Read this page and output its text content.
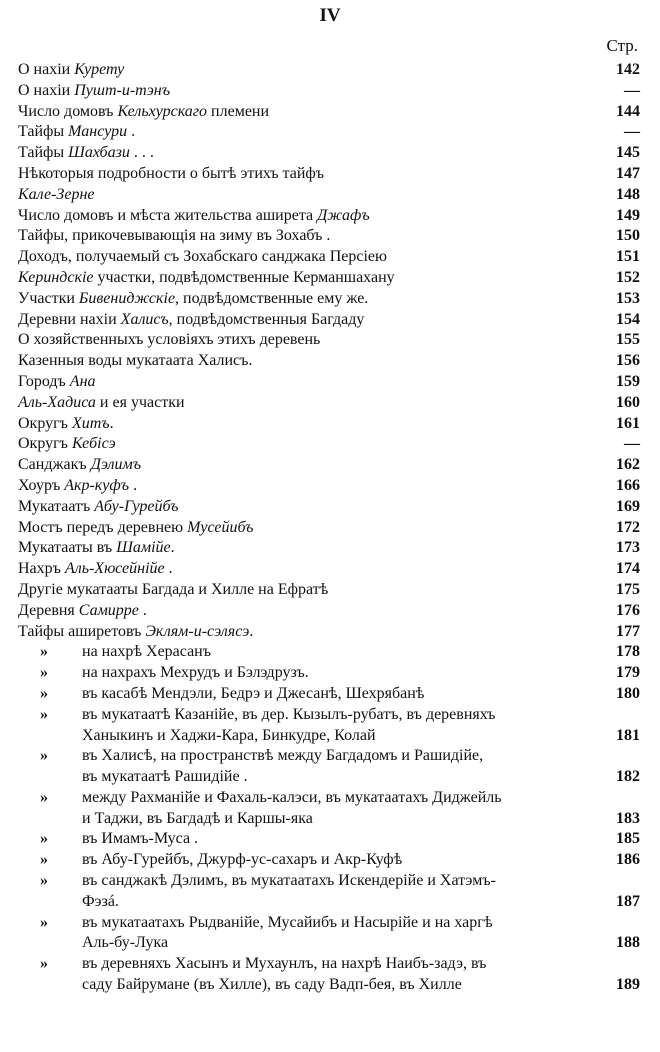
IV
Стр.
О нахiи Курету	142
О нахiи Пушт-и-тэнъ	—
Число домовъ Кельхурскаго племени	144
Тайфы Мансури .	—
Тайфы Шахбази . . .	145
Нѣкоторыя подробности о бытѣ этихъ тайфъ	147
Кале-Зерне	148
Число домовъ и мѣста жительства аширета Джафъ	149
Тайфы, прикочевывающiя на зиму въ Зохабъ .	150
Доходъ, получаемый съ Зохабскаго санджака Персiею	151
Кериндскiе участки, подвѣдомственные Керманшахану	152
Участки Бивениджскiе, подвѣдомственные ему же.	153
Деревни нахiи Халисъ, подвѣдомственныя Багдаду	154
О хозяйственныхъ условiяхъ этихъ деревень	155
Казенныя воды мукатаата Халисъ.	156
Городъ Ана	159
Аль-Хадиса и ея участки	160
Округъ Хитъ.	161
Округъ Кебiсэ	—
Санджакъ Дэлимъ	162
Хоуръ Акр-куфъ .	166
Мукатаатъ Абу-Гурейбъ	169
Мостъ передъ деревнею Мусейибъ	172
Мукатааты въ Шамiйе.	173
Нахръ Аль-Хюсейнiйе .	174
Другiе мукатааты Багдада и Хилле на Ефратѣ	175
Деревня Самирре .	176
Тайфы аширетовъ Эклям-и-сэлясэ.	177
» на нахрѣ Херасанъ	178
» на нахрахъ Мехрудъ и Бэлэдрузъ.	179
» въ касабѣ Мендэли, Бедрэ и Джесанѣ, Шехрябанѣ	180
» въ мукатаатѣ Казанiйе, въ дер. Кызылъ-рубатъ, въ деревняхъ
Ханыкинъ и Хаджи-Кара, Бинкудре, Колай	181
» въ Халисѣ, на пространствѣ между Багдадомъ и Рашидiйе,
въ мукатаатѣ Рашидiйе .	182
» между Рахманiйе и Фахаль-калэси, въ мукатаатахъ Диджейль
и Таджи, въ Багдадѣ и Каршы-яка	183
» въ Имамъ-Муса .	185
» въ Абу-Гурейбъ, Джурф-ус-сахаръ и Акр-Куфѣ	186
» въ санджакѣ Дэлимъ, въ мукатаатахъ Искендерiйе и Хатэмъ-
Фэзá.	187
» въ мукатаатахъ Рыдванiйе, Мусайибъ и Насырiйе и на харгѣ
Аль-бу-Лука	188
» въ деревняхъ Хасынъ и Мухаунлъ, на нахрѣ Наибъ-задэ, въ
саду Байрумане (въ Хилле), въ саду Вадп-бея, въ Хилле	189
